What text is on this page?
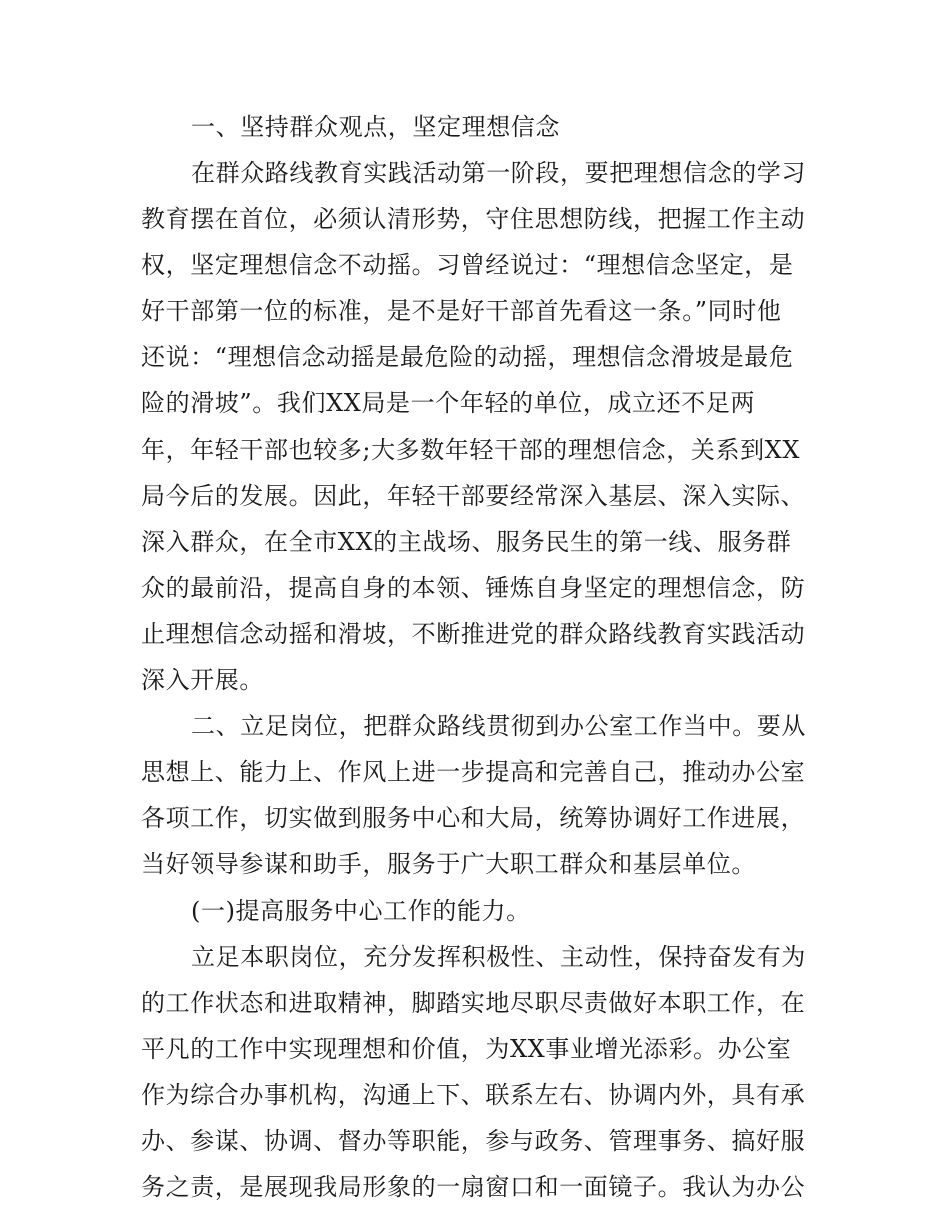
一、坚持群众观点，坚定理想信念
在群众路线教育实践活动第一阶段，要把理想信念的学习
教育摆在首位，必须认清形势，守住思想防线，把握工作主动
权，坚定理想信念不动摇。习曾经说过：“理想信念坚定，是
好干部第一位的标准，是不是好干部首先看这一条。”同时他
还说：“理想信念动摇是最危险的动摇，理想信念滑坡是最危
险的滑坡”。我们XX局是一个年轻的单位，成立还不足两
年，年轻干部也较多;大多数年轻干部的理想信念，关系到XX
局今后的发展。因此，年轻干部要经常深入基层、深入实际、
深入群众，在全市XX的主战场、服务民生的第一线、服务群
众的最前沿，提高自身的本领、锤炼自身坚定的理想信念，防
止理想信念动摇和滑坡，不断推进党的群众路线教育实践活动
深入开展。
二、立足岗位，把群众路线贯彻到办公室工作当中。要从
思想上、能力上、作风上进一步提高和完善自己，推动办公室
各项工作，切实做到服务中心和大局，统筹协调好工作进展，
当好领导参谋和助手，服务于广大职工群众和基层单位。
(一)提高服务中心工作的能力。
立足本职岗位，充分发挥积极性、主动性，保持奋发有为
的工作状态和进取精神，脚踏实地尽职尽责做好本职工作，在
平凡的工作中实现理想和价值，为XX事业增光添彩。办公室
作为综合办事机构，沟通上下、联系左右、协调内外，具有承
办、参谋、协调、督办等职能，参与政务、管理事务、搞好服
务之责，是展现我局形象的一扇窗口和一面镜子。我认为办公
